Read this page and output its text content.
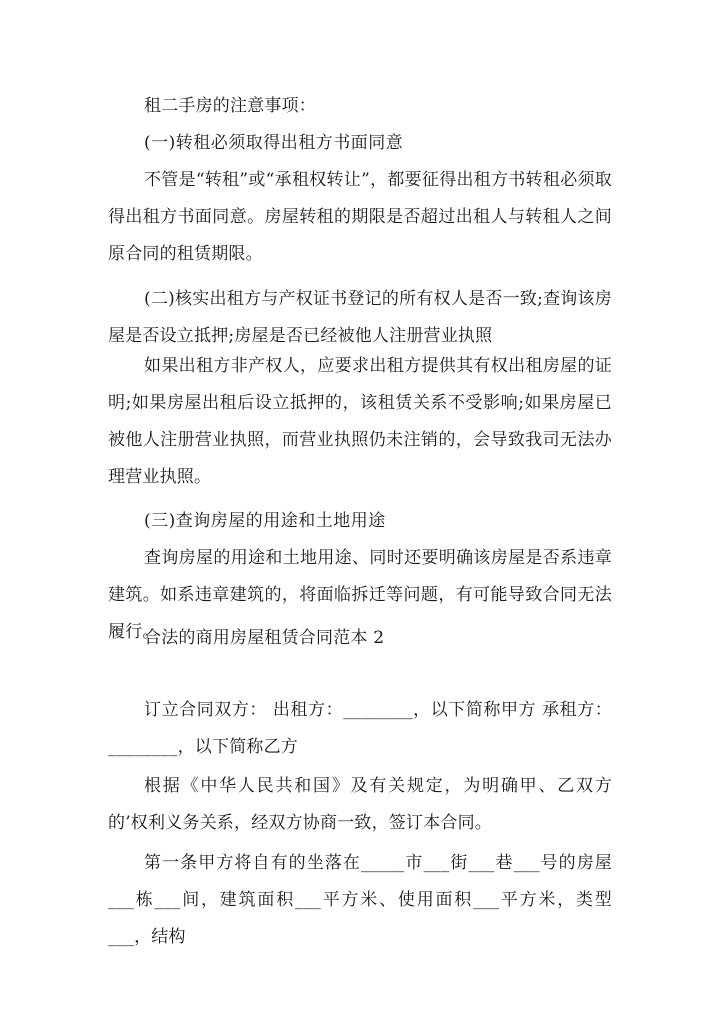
租二手房的注意事项：

(一)转租必须取得出租方书面同意

不管是“转租”或“承租权转让”，都要征得出租方书转租必须取得出租方书面同意。房屋转租的期限是否超过出租人与转租人之间原合同的租赁期限。

(二)核实出租方与产权证书登记的所有权人是否一致;查询该房屋是否设立抵押;房屋是否已经被他人注册营业执照

如果出租方非产权人，应要求出租方提供其有权出租房屋的证明;如果房屋出租后设立抵押的，该租赁关系不受影响;如果房屋已被他人注册营业执照，而营业执照仍未注销的，会导致我司无法办理营业执照。

(三)查询房屋的用途和土地用途

查询房屋的用途和土地用途、同时还要明确该房屋是否系违章建筑。如系违章建筑的，将面临拆迁等问题，有可能导致合同无法履行。

合法的商用房屋租赁合同范本 2

订立合同双方： 出租方：________，以下简称甲方 承租方：________，以下简称乙方

根据《中华人民共和国》及有关规定，为明确甲、乙双方的’权利义务关系，经双方协商一致，签订本合同。

第一条甲方将自有的坐落在_____市___街___巷___号的房屋___栋___间，建筑面积___平方米、使用面积___平方米，类型___，结构
